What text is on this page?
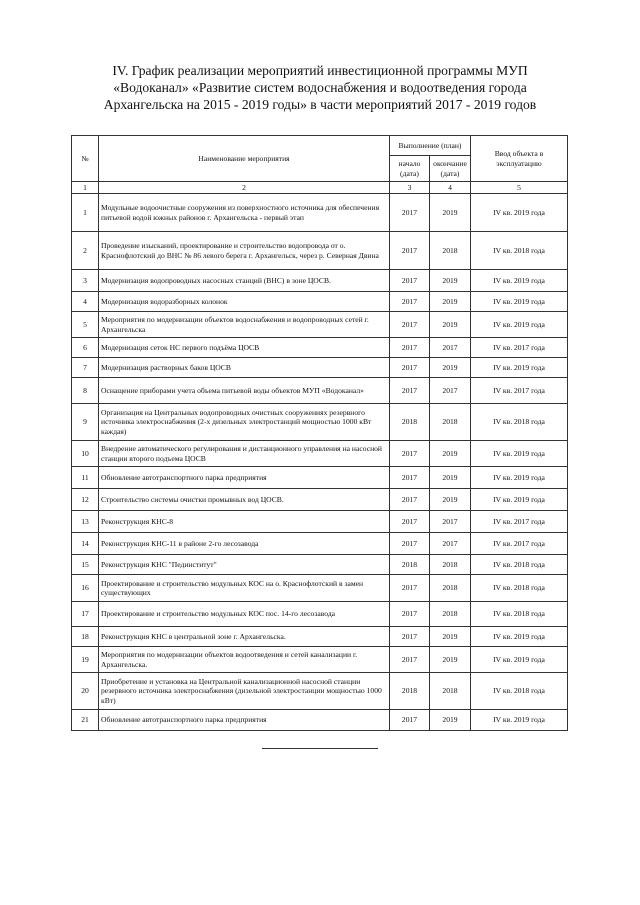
IV. График реализации мероприятий инвестиционной программы МУП
«Водоканал» «Развитие систем водоснабжения и водоотведения города
Архангельска на 2015 - 2019 годы» в части мероприятий 2017 - 2019 годов
№	Наименование мероприятия	Выполнение (план)		Ввод объекта в эксплуатацию
		начало (дата)	окончание (дата)	
1	2	3	4	5
1	Модульные водоочистные сооружения из поверхностного источника для обеспечения питьевой водой южных районов г. Архангельска - первый этап	2017	2019	IV кв. 2019 года
2	Проведение изысканий, проектирование и строительство водопровода от о. Краснофлотский до ВНС № 86 левого берега г. Архангельск, через р. Северная Двина	2017	2018	IV кв. 2018 года
3	Модернизация водопроводных насосных станций (ВНС) в зоне ЦОСВ.	2017	2019	IV кв. 2019 года
4	Модернизация водоразборных колонок	2017	2019	IV кв. 2019 года
5	Мероприятия по модернизации объектов водоснабжения и водопроводных сетей г. Архангельска	2017	2019	IV кв. 2019 года
6	Модернизация сеток НС первого подъёма ЦОСВ	2017	2017	IV кв. 2017 года
7	Модернизация растворных баков ЦОСВ	2017	2019	IV кв. 2019 года
8	Оснащение приборами учета объема питьевой воды объектов МУП «Водоканал»	2017	2017	IV кв. 2017 года
9	Организация на Центральных водопроводных очистных сооружениях резервного источника электроснабжения (2-х дизельных электростанций мощностью 1000 кВт каждая)	2018	2018	IV кв. 2018 года
10	Внедрение автоматического регулирования и дистанционного управления на насосной станции второго подъема ЦОСВ	2017	2019	IV кв. 2019 года
11	Обновление автотранспортного парка предприятия	2017	2019	IV кв. 2019 года
12	Строительство системы очистки промывных вод ЦОСВ.	2017	2019	IV кв. 2019 года
13	Реконструкция КНС-8	2017	2017	IV кв. 2017 года
14	Реконструкция КНС-11 в районе 2-го лесозавода	2017	2017	IV кв. 2017 года
15	Реконструкция КНС "Пединститут"	2018	2018	IV кв. 2018 года
16	Проектирование и строительство модульных КОС на о. Краснофлотский в замен существующих	2017	2018	IV кв. 2018 года
17	Проектирование и строительство модульных КОС пос. 14-го лесозавода	2017	2018	IV кв. 2018 года
18	Реконструкция КНС в центральной зоне г. Архангельска.	2017	2019	IV кв. 2019 года
19	Мероприятия по модернизации объектов водоотведения и сетей канализации г. Архангельска.	2017	2019	IV кв. 2019 года
20	Приобретение и установка на Центральной канализационной насосной станции резервного источника электроснабжения (дизельной электростанции мощностью 1000 кВт)	2018	2018	IV кв. 2018 года
21	Обновление автотранспортного парка предприятия	2017	2019	IV кв. 2019 года
